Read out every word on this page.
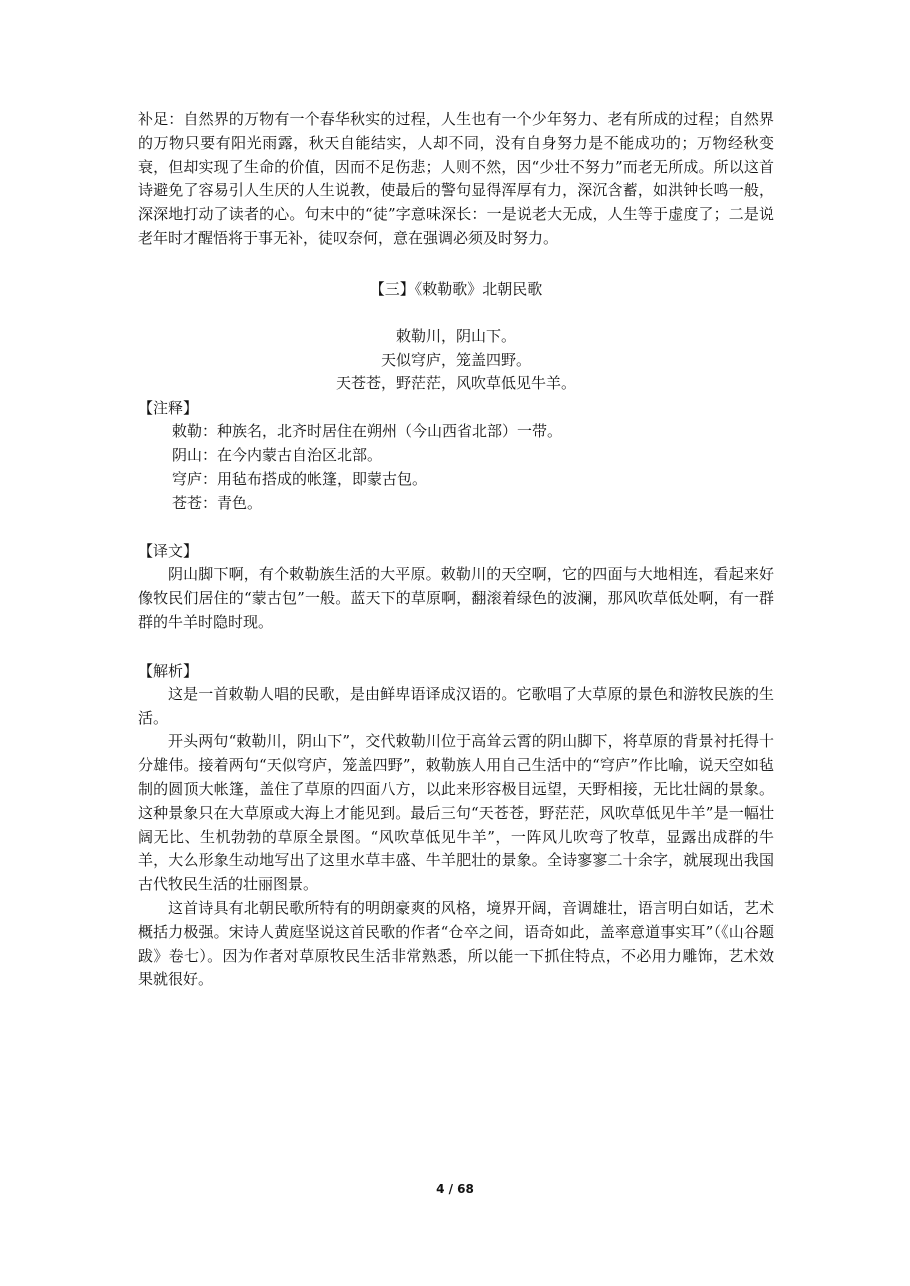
补足：自然界的万物有一个春华秋实的过程，人生也有一个少年努力、老有所成的过程；自然界的万物只要有阳光雨露，秋天自能结实，人却不同，没有自身努力是不能成功的；万物经秋变衰，但却实现了生命的价值，因而不足伤悲；人则不然，因“少壮不努力”而老无所成。所以这首诗避免了容易引人生厌的人生说教，使最后的警句显得浑厚有力，深沉含蓄，如洪钟长鸣一般，深深地打动了读者的心。句末中的“徒”字意味深长：一是说老大无成，人生等于虚度了；二是说老年时才醒悟将于事无补，徒叹奈何，意在强调必须及时努力。

【三】《敕勒歌》北朝民歌

敕勒川，阴山下。

天似穹庐，笼盖四野。

天苍苍，野茫茫，风吹草低见牛羊。

【注释】

敕勒：种族名，北齐时居住在朔州（今山西省北部）一带。

阴山：在今内蒙古自治区北部。

穹庐：用毡布搭成的帐篷，即蒙古包。

苍苍：青色。

【译文】

阴山脚下啊，有个敕勒族生活的大平原。敕勒川的天空啊，它的四面与大地相连，看起来好像牧民们居住的“蒙古包”一般。蓝天下的草原啊，翻滚着绿色的波澜，那风吹草低处啊，有一群群的牛羊时隐时现。

【解析】

这是一首敕勒人唱的民歌，是由鲜卑语译成汉语的。它歌唱了大草原的景色和游牧民族的生活。

开头两句“敕勒川，阴山下”，交代敕勒川位于高耸云霄的阴山脚下，将草原的背景衬托得十分雄伟。接着两句“天似穹庐，笼盖四野”，敕勒族人用自己生活中的“穹庐”作比喻，说天空如毡制的圆顶大帐篷，盖住了草原的四面八方，以此来形容极目远望，天野相接，无比壮阔的景象。这种景象只在大草原或大海上才能见到。最后三句“天苍苍，野茫茫，风吹草低见牛羊”是一幅壮阔无比、生机勃勃的草原全景图。“风吹草低见牛羊”，一阵风儿吹弯了牧草，显露出成群的牛羊，大么形象生动地写出了这里水草丰盛、牛羊肥壮的景象。全诗寥寥二十余字，就展现出我国古代牧民生活的壮丽图景。

这首诗具有北朝民歌所特有的明朗豪爽的风格，境界开阔，音调雄壮，语言明白如话，艺术概括力极强。宋诗人黄庭坚说这首民歌的作者“仓卒之间，语奇如此，盖率意道事实耳”（《山谷题跋》卷七）。因为作者对草原牧民生活非常熟悉，所以能一下抓住特点，不必用力雕饰，艺术效果就很好。

4 / 68
